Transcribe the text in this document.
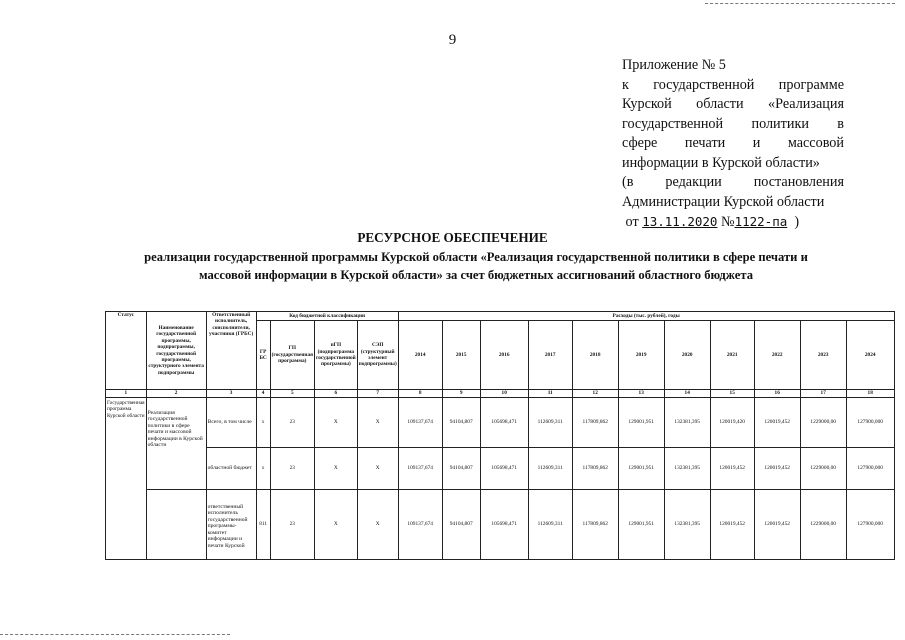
9
Приложение № 5
к государственной программе
Курской области «Реализация
государственной политики в
сфере печати и массовой
информации в Курской области»
(в редакции постановления
Администрации Курской области
от 13.11.2020 №1122-па )
РЕСУРСНОЕ ОБЕСПЕЧЕНИЕ
реализации государственной программы Курской области «Реализация государственной политики в сфере печати и
массовой информации в Курской области» за счет бюджетных ассигнований областного бюджета
Статус	Наименование государственной программы, подпрограммы, государственной программы, структурного элемента подпрограммы	Ответственный исполнитель, соисполнители, участники (ГРБС)	Код бюджетной классификации				Расходы (тыс. рублей), годы										
			ГР БС	ГП (государственная программа)	пГП (подпрограмма государственной программы)	СЭП (структурный элемент подпрограммы)	2014	2015	2016	2017	2018	2019	2020	2021	2022	2023	2024
1	2	3	4	5	6	7	8	9	10	11	12	13	14	15	16	17	18
Государственная программа Курской области	Реализация государственной политики в сфере печати и массовой информации в Курской области	Всего, в том числе	х	23	Х	Х	109137,674	94104,807	105698,471	112609,311	117809,862	129001,951	132381,395	120019,420	120019,452	1229000,00	127900,000
		областной бюджет	х	23	Х	Х	109137,674	94104,807	105698,471	112609,311	117809,862	129001,951	132381,395	120019,452	120019,452	1229000,00	127900,000
		ответственный исполнитель государственной программы-комитет информации и печати Курской	811	23	Х	Х	109137,674	94104,807	105698,471	112609,311	117809,862	129001,951	132381,395	120019,452	120019,452	1229000,00	127900,000
